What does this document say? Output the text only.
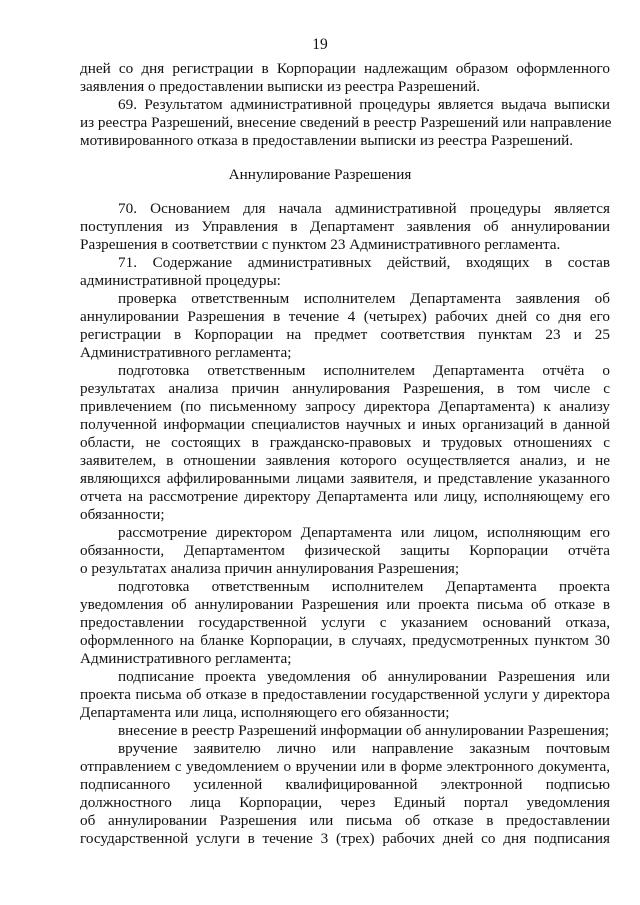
19
дней со дня регистрации в Корпорации надлежащим образом оформленного
заявления о предоставлении выписки из реестра Разрешений.
69. Результатом административной процедуры является выдача выписки
из реестра Разрешений, внесение сведений в реестр Разрешений или направление
мотивированного отказа в предоставлении выписки из реестра Разрешений.
Аннулирование Разрешения
70. Основанием для начала административной процедуры является
поступления из Управления в Департамент заявления об аннулировании
Разрешения в соответствии с пунктом 23 Административного регламента.
71. Содержание административных действий, входящих в состав
административной процедуры:
проверка ответственным исполнителем Департамента заявления об
аннулировании Разрешения в течение 4 (четырех) рабочих дней со дня его
регистрации в Корпорации на предмет соответствия пунктам 23 и 25
Административного регламента;
подготовка ответственным исполнителем Департамента отчёта о
результатах анализа причин аннулирования Разрешения, в том числе с
привлечением (по письменному запросу директора Департамента) к анализу
полученной информации специалистов научных и иных организаций в данной
области, не состоящих в гражданско-правовых и трудовых отношениях с
заявителем, в отношении заявления которого осуществляется анализ, и не
являющихся аффилированными лицами заявителя, и представление указанного
отчета на рассмотрение директору Департамента или лицу, исполняющему его
обязанности;
рассмотрение директором Департамента или лицом, исполняющим его
обязанности, Департаментом физической защиты Корпорации отчёта
о результатах анализа причин аннулирования Разрешения;
подготовка ответственным исполнителем Департамента проекта
уведомления об аннулировании Разрешения или проекта письма об отказе в
предоставлении государственной услуги с указанием оснований отказа,
оформленного на бланке Корпорации, в случаях, предусмотренных пунктом 30
Административного регламента;
подписание проекта уведомления об аннулировании Разрешения или
проекта письма об отказе в предоставлении государственной услуги у директора
Департамента или лица, исполняющего его обязанности;
внесение в реестр Разрешений информации об аннулировании Разрешения;
вручение заявителю лично или направление заказным почтовым
отправлением с уведомлением о вручении или в форме электронного документа,
подписанного усиленной квалифицированной электронной подписью
должностного лица Корпорации, через Единый портал уведомления
об аннулировании Разрешения или письма об отказе в предоставлении
государственной услуги в течение 3 (трех) рабочих дней со дня подписания
